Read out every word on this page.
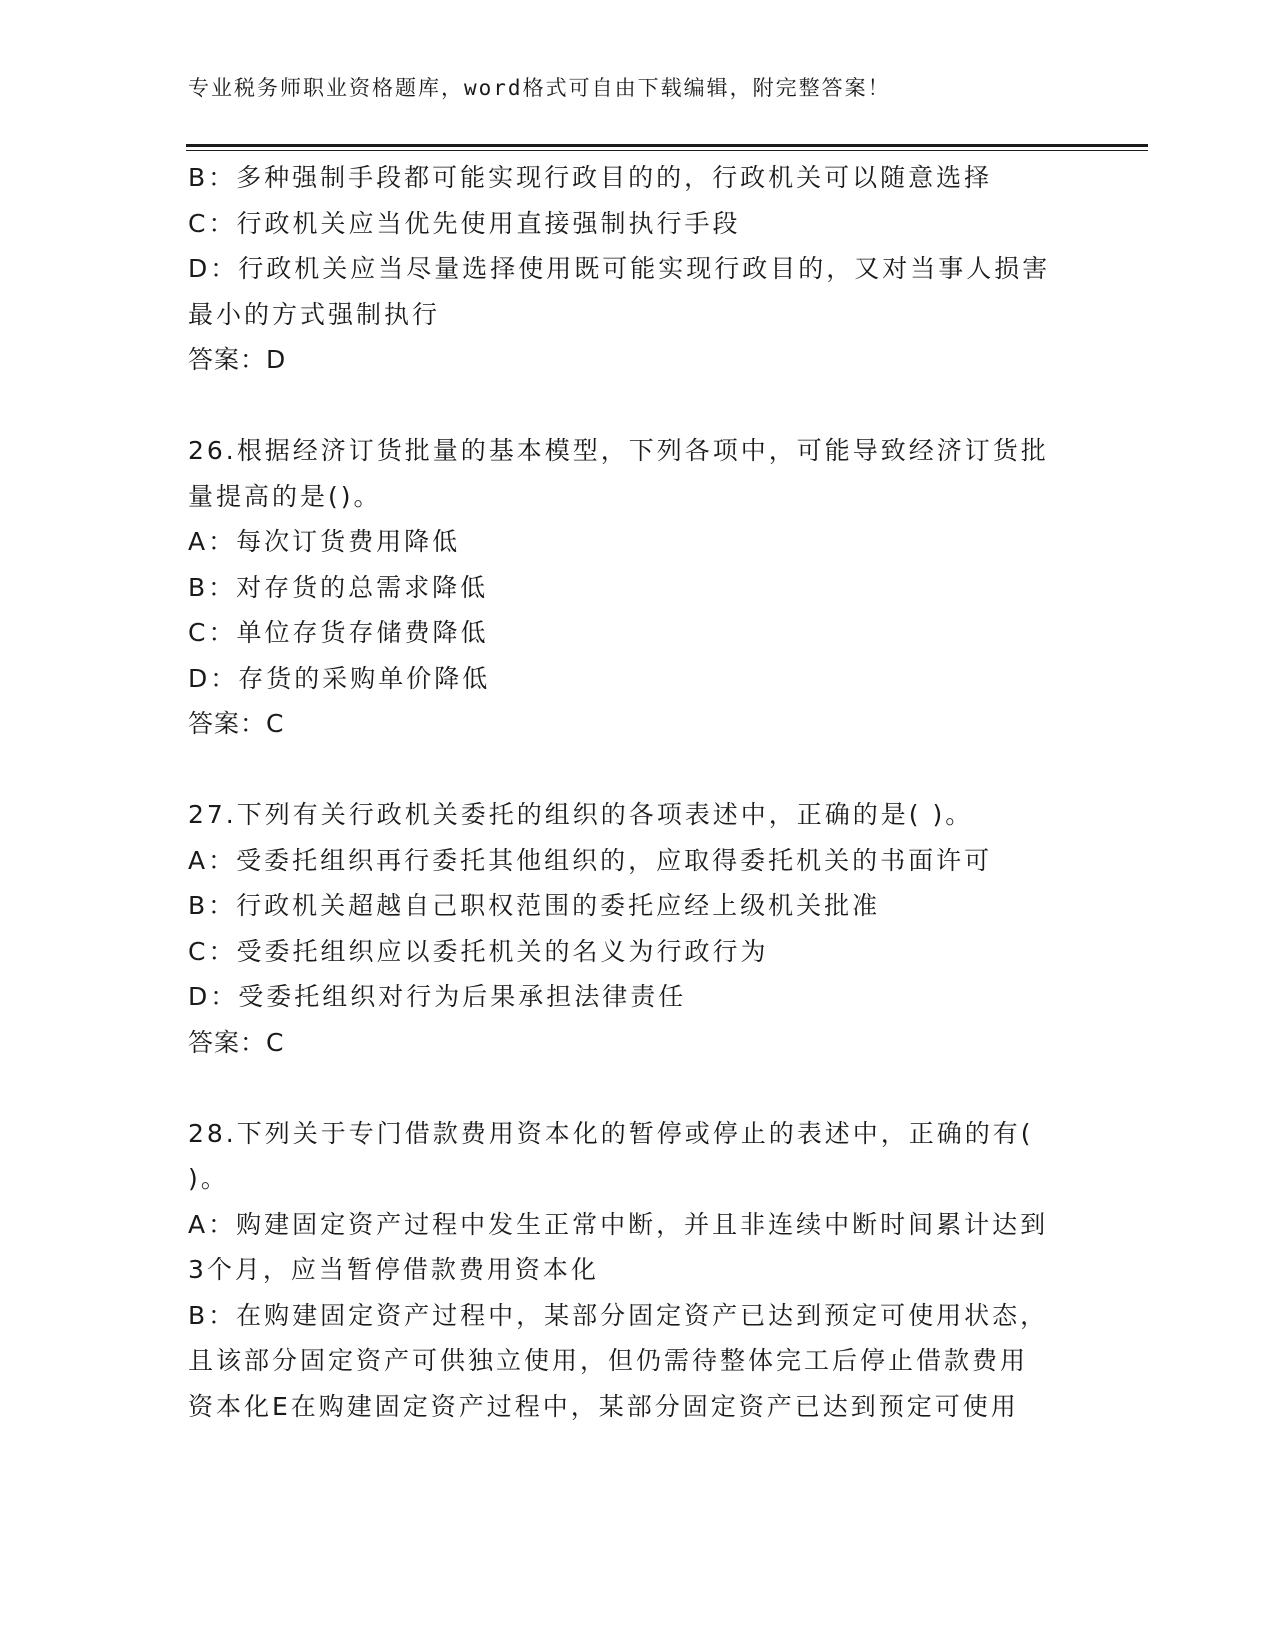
专业税务师职业资格题库，word格式可自由下载编辑，附完整答案！
B：多种强制手段都可能实现行政目的的，行政机关可以随意选择
C：行政机关应当优先使用直接强制执行手段
D：行政机关应当尽量选择使用既可能实现行政目的，又对当事人损害
最小的方式强制执行
答案：D
26.根据经济订货批量的基本模型，下列各项中，可能导致经济订货批
量提高的是()。
A：每次订货费用降低
B：对存货的总需求降低
C：单位存货存储费降低
D：存货的采购单价降低
答案：C
27.下列有关行政机关委托的组织的各项表述中，正确的是( )。
A：受委托组织再行委托其他组织的，应取得委托机关的书面许可
B：行政机关超越自己职权范围的委托应经上级机关批准
C：受委托组织应以委托机关的名义为行政行为
D：受委托组织对行为后果承担法律责任
答案：C
28.下列关于专门借款费用资本化的暂停或停止的表述中，正确的有(
)。
A：购建固定资产过程中发生正常中断，并且非连续中断时间累计达到
3个月，应当暂停借款费用资本化
B：在购建固定资产过程中，某部分固定资产已达到预定可使用状态，
且该部分固定资产可供独立使用，但仍需待整体完工后停止借款费用
资本化E在购建固定资产过程中，某部分固定资产已达到预定可使用
